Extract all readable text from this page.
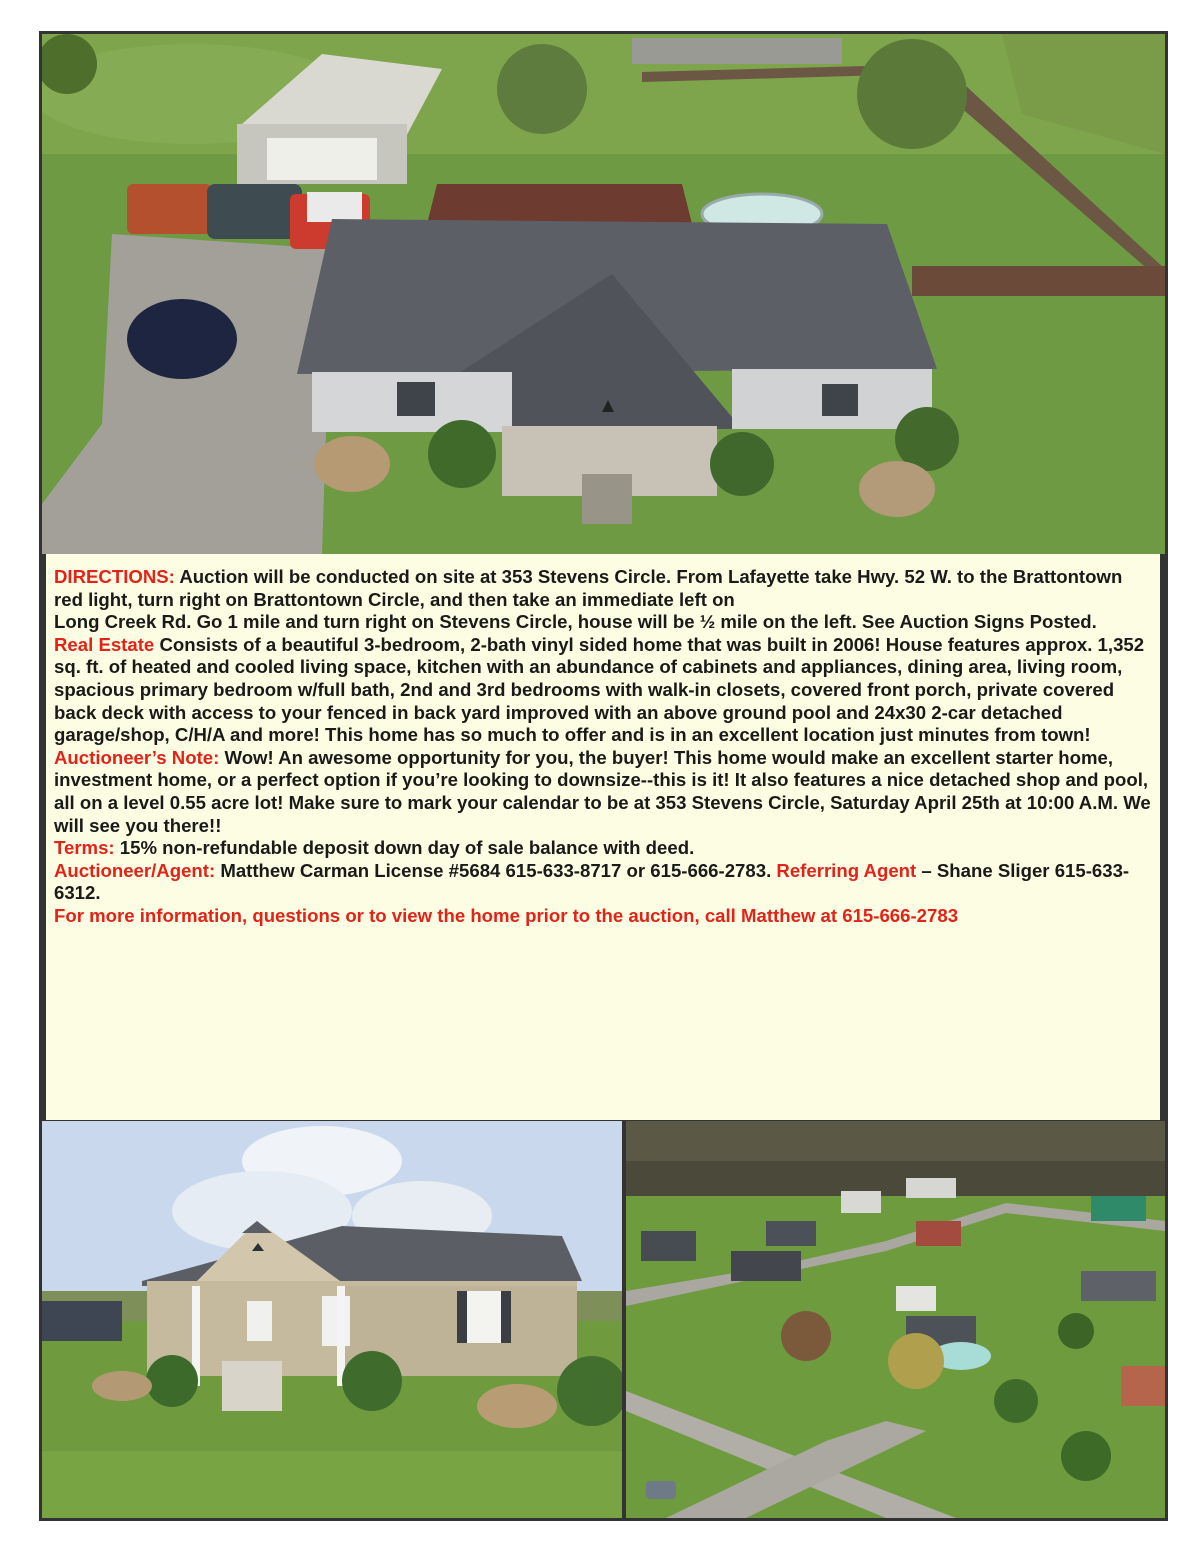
DIRECTIONS: Auction will be conducted on site at 353 Stevens Circle. From Lafayette take Hwy. 52 W. to the Brattontown red light, turn right on Brattontown Circle, and then take an immediate left on
Long Creek Rd. Go 1 mile and turn right on Stevens Circle, house will be ½ mile on the left. See Auction Signs Posted.

Real Estate Consists of a beautiful 3-bedroom, 2-bath vinyl sided home that was built in 2006! House features approx. 1,352 sq. ft. of heated and cooled living space, kitchen with an abundance of cabinets and appliances, dining area, living room, spacious primary bedroom w/full bath, 2nd and 3rd bedrooms with walk-in closets, covered front porch, private covered back deck with access to your fenced in back yard improved with an above ground pool and 24x30 2-car detached garage/shop, C/H/A and more! This home has so much to offer and is in an excellent location just minutes from town!

Auctioneer’s Note: Wow! An awesome opportunity for you, the buyer! This home would make an excellent starter home, investment home, or a perfect option if you’re looking to downsize--this is it! It also features a nice detached shop and pool, all on a level 0.55 acre lot! Make sure to mark your calendar to be at 353 Stevens Circle, Saturday April 25th at 10:00 A.M. We will see you there!!

Terms: 15% non-refundable deposit down day of sale balance with deed.

Auctioneer/Agent: Matthew Carman License #5684 615-633-8717 or 615-666-2783. Referring Agent – Shane Sliger 615-633-6312.

For more information, questions or to view the home prior to the auction, call Matthew at 615-666-2783
